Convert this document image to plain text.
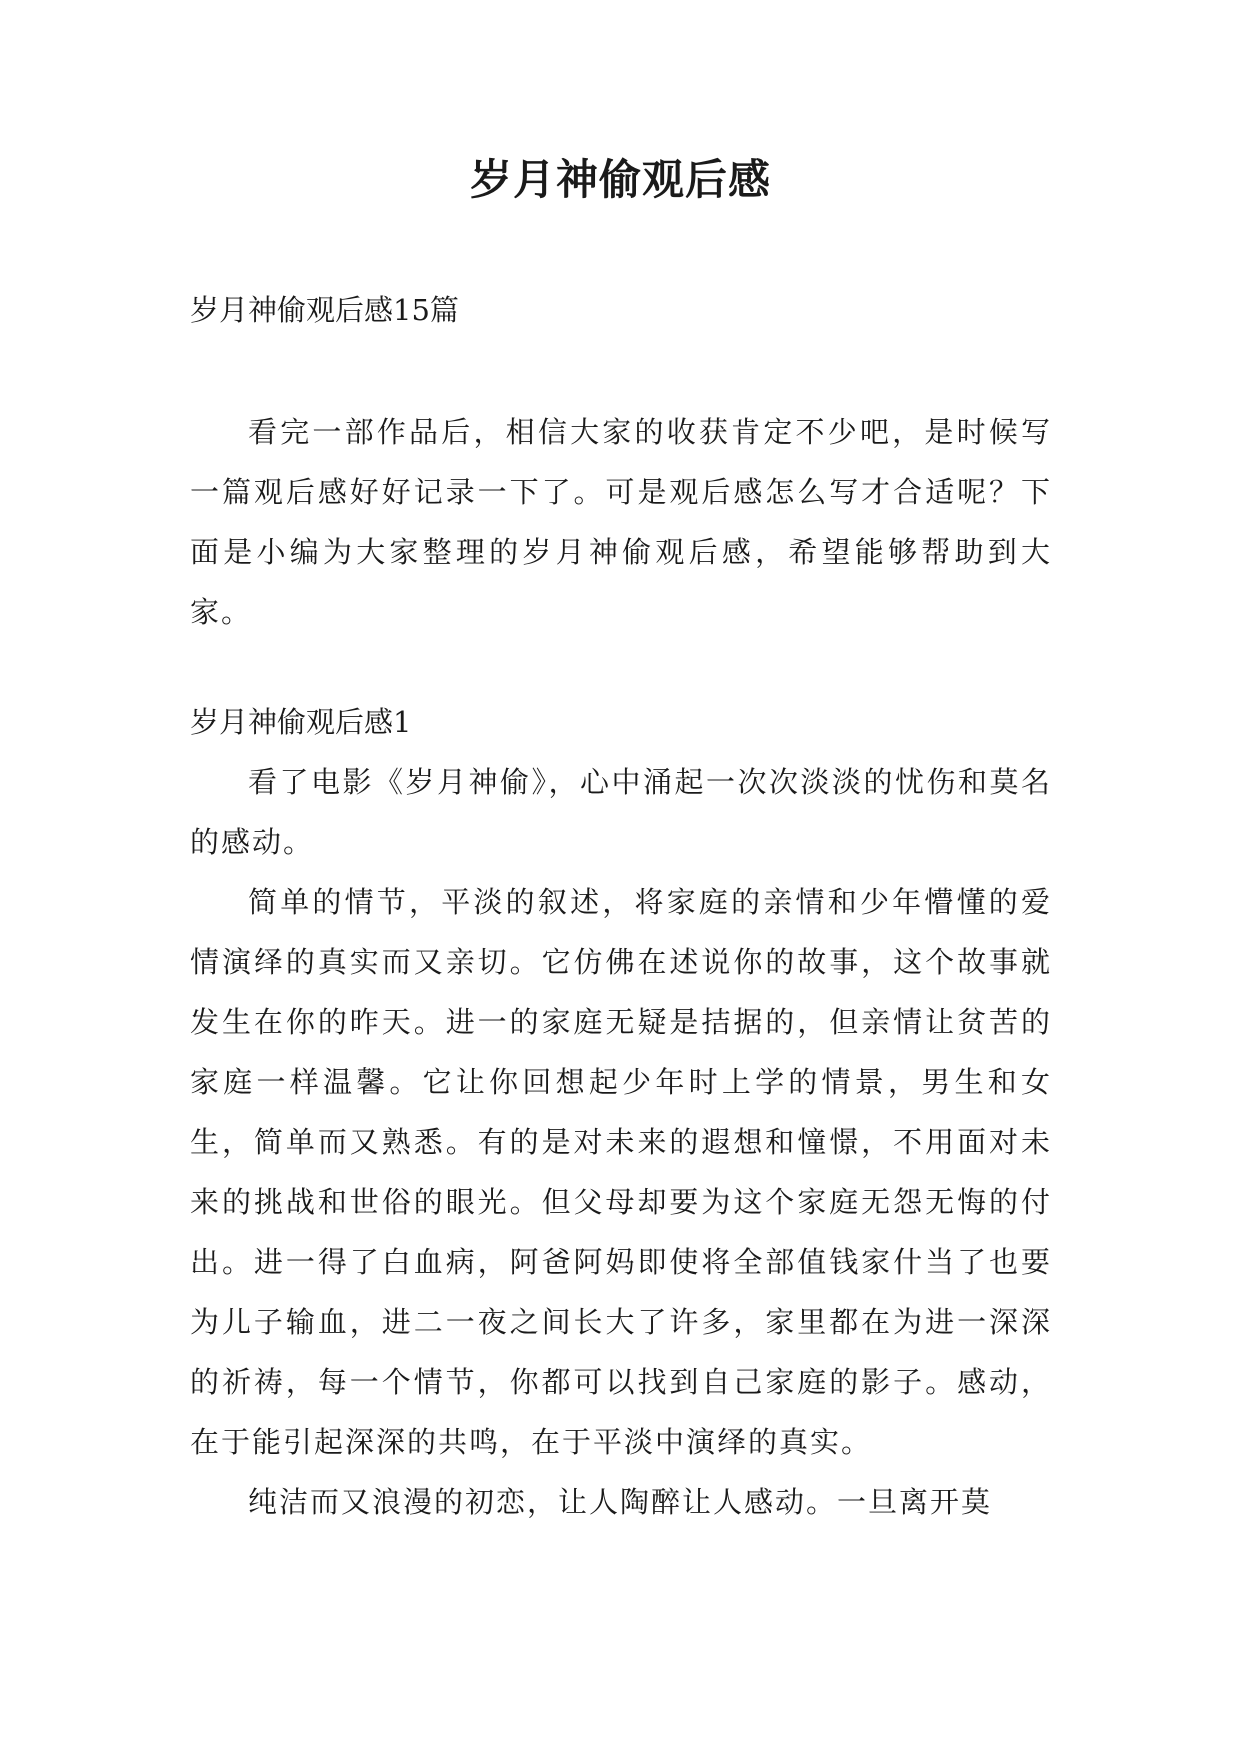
岁月神偷观后感
岁月神偷观后感15篇

看完一部作品后，相信大家的收获肯定不少吧，是时候写一篇观后感好好记录一下了。可是观后感怎么写才合适呢？下面是小编为大家整理的岁月神偷观后感，希望能够帮助到大家。

岁月神偷观后感1

看了电影《岁月神偷》，心中涌起一次次淡淡的忧伤和莫名的感动。

简单的情节，平淡的叙述，将家庭的亲情和少年懵懂的爱情演绎的真实而又亲切。它仿佛在述说你的故事，这个故事就发生在你的昨天。进一的家庭无疑是拮据的，但亲情让贫苦的家庭一样温馨。它让你回想起少年时上学的情景，男生和女生，简单而又熟悉。有的是对未来的遐想和憧憬，不用面对未来的挑战和世俗的眼光。但父母却要为这个家庭无怨无悔的付出。进一得了白血病，阿爸阿妈即使将全部值钱家什当了也要为儿子输血，进二一夜之间长大了许多，家里都在为进一深深的祈祷，每一个情节，你都可以找到自己家庭的影子。感动，在于能引起深深的共鸣，在于平淡中演绎的真实。

纯洁而又浪漫的初恋，让人陶醉让人感动。一旦离开莫
